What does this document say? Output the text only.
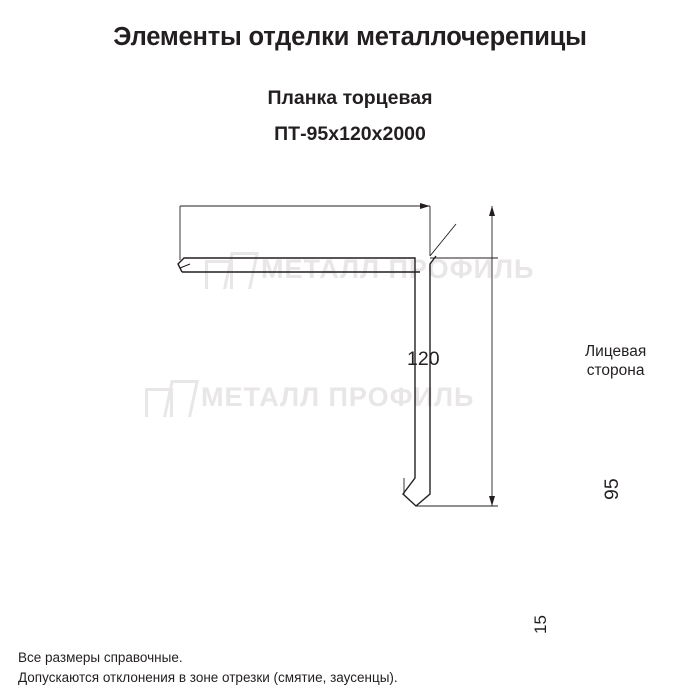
Элементы отделки металлочерепицы
Планка торцевая
ПТ-95х120х2000
МЕТАЛЛ ПРОФИЛЬ
МЕТАЛЛ ПРОФИЛЬ
120
95
15
Лицевая
сторона
Все размеры справочные.
Допускаются отклонения в зоне отрезки (смятие, заусенцы).
